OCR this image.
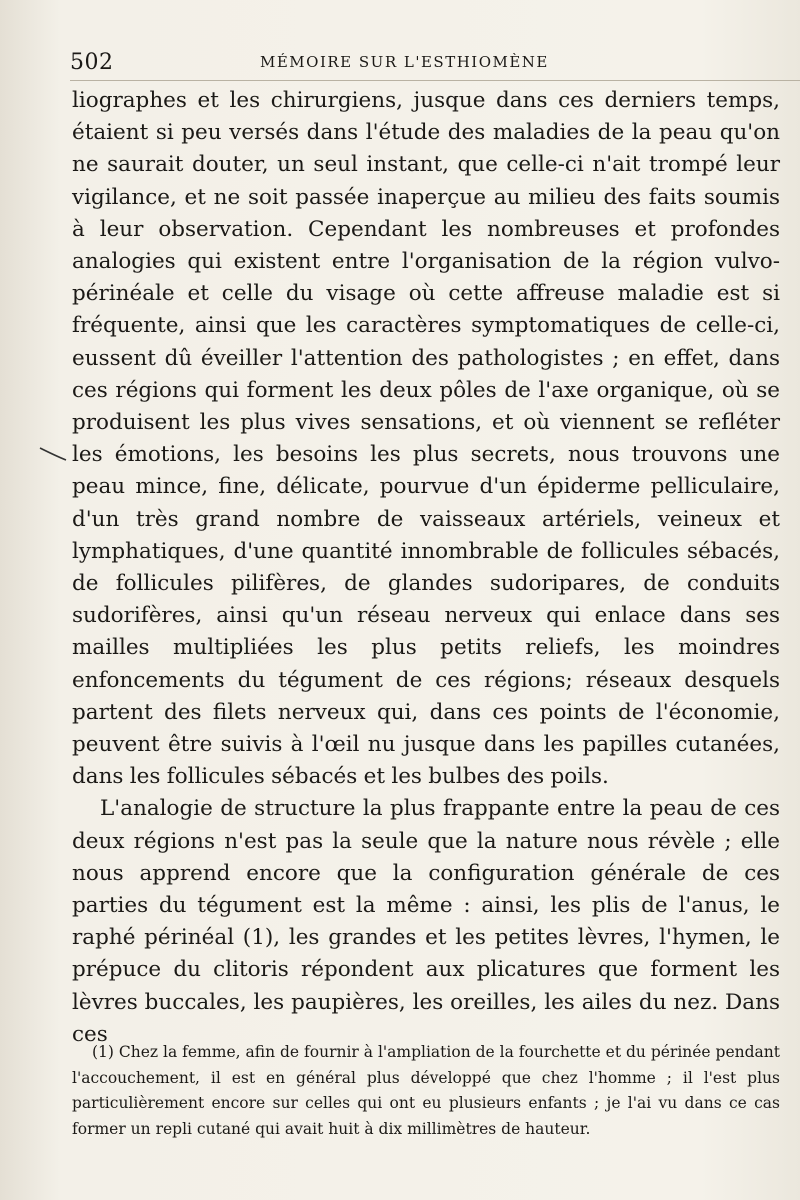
502	MÉMOIRE SUR L'ESTHIOMÈNE

liographes et les chirurgiens, jusque dans ces derniers temps, étaient si peu versés dans l'étude des maladies de la peau qu'on ne saurait douter, un seul instant, que celle-ci n'ait trompé leur vigilance, et ne soit passée inaperçue au milieu des faits soumis à leur observation. Cependant les nombreuses et profondes analogies qui existent entre l'organisation de la région vulvo-périnéale et celle du visage où cette affreuse maladie est si fréquente, ainsi que les caractères symptomatiques de celle-ci, eussent dû éveiller l'attention des pathologistes ; en effet, dans ces régions qui forment les deux pôles de l'axe organique, où se produisent les plus vives sensations, et où viennent se refléter les émotions, les besoins les plus secrets, nous trouvons une peau mince, fine, délicate, pourvue d'un épiderme pelliculaire, d'un très grand nombre de vaisseaux artériels, veineux et lymphatiques, d'une quantité innombrable de follicules sébacés, de follicules pilifères, de glandes sudoripares, de conduits sudorifères, ainsi qu'un réseau nerveux qui enlace dans ses mailles multipliées les plus petits reliefs, les moindres enfoncements du tégument de ces régions; réseaux desquels partent des filets nerveux qui, dans ces points de l'économie, peuvent être suivis à l'œil nu jusque dans les papilles cutanées, dans les follicules sébacés et les bulbes des poils.

L'analogie de structure la plus frappante entre la peau de ces deux régions n'est pas la seule que la nature nous révèle ; elle nous apprend encore que la configuration générale de ces parties du tégument est la même : ainsi, les plis de l'anus, le raphé périnéal (1), les grandes et les petites lèvres, l'hymen, le prépuce du clitoris répondent aux plicatures que forment les lèvres buccales, les paupières, les oreilles, les ailes du nez. Dans ces

(1) Chez la femme, afin de fournir à l'ampliation de la fourchette et du périnée pendant l'accouchement, il est en général plus développé que chez l'homme ; il l'est plus particulièrement encore sur celles qui ont eu plusieurs enfants ; je l'ai vu dans ce cas former un repli cutané qui avait huit à dix millimètres de hauteur.
